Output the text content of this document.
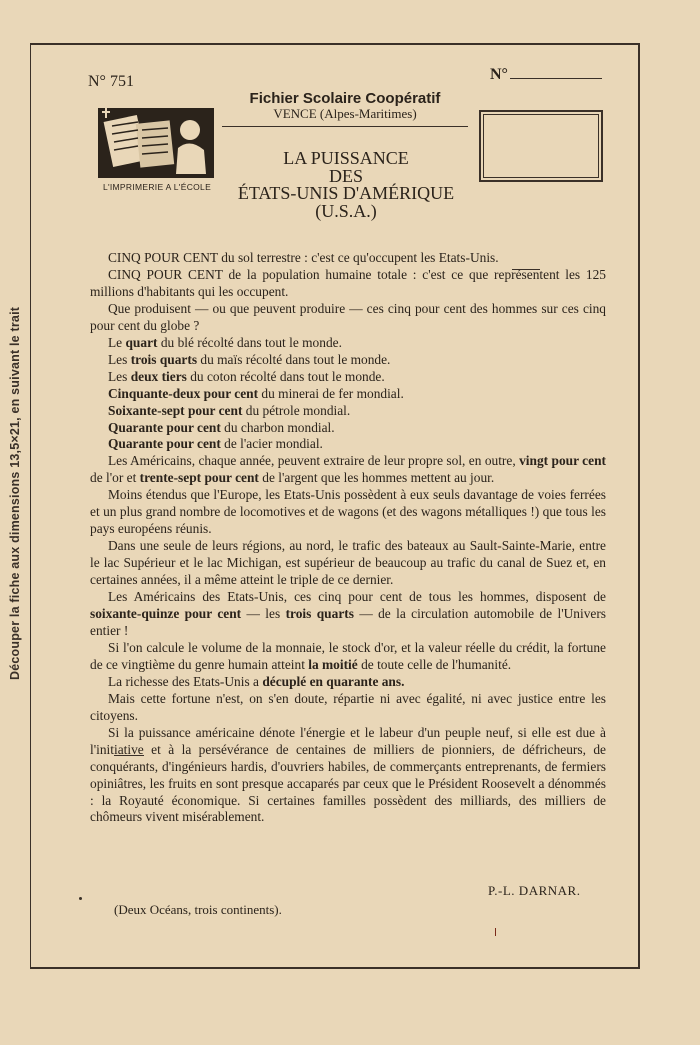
Découper la fiche aux dimensions 13,5×21, en suivant le trait
N° 751	N°
Fichier Scolaire Coopératif
VENCE (Alpes-Maritimes)
L'IMPRIMERIE A L'ÉCOLE
LA PUISSANCE
DES
ÉTATS-UNIS D'AMÉRIQUE
(U.S.A.)

CINQ POUR CENT du sol terrestre : c'est ce qu'occupent les Etats-Unis.

CINQ POUR CENT de la population humaine totale : c'est ce que représentent les 125 millions d'habitants qui les occupent.

Que produisent — ou que peuvent produire — ces cinq pour cent des hommes sur ces cinq pour cent du globe ?

Le quart du blé récolté dans tout le monde.

Les trois quarts du maïs récolté dans tout le monde.

Les deux tiers du coton récolté dans tout le monde.

Cinquante-deux pour cent du minerai de fer mondial.

Soixante-sept pour cent du pétrole mondial.

Quarante pour cent du charbon mondial.

Quarante pour cent de l'acier mondial.

Les Américains, chaque année, peuvent extraire de leur propre sol, en outre, vingt pour cent de l'or et trente-sept pour cent de l'argent que les hommes mettent au jour.

Moins étendus que l'Europe, les Etats-Unis possèdent à eux seuls davantage de voies ferrées et un plus grand nombre de locomotives et de wagons (et des wagons métalliques !) que tous les pays européens réunis.

Dans une seule de leurs régions, au nord, le trafic des bateaux au Sault-Sainte-Marie, entre le lac Supérieur et le lac Michigan, est supérieur de beaucoup au trafic du canal de Suez et, en certaines années, il a même atteint le triple de ce dernier.

Les Américains des Etats-Unis, ces cinq pour cent de tous les hommes, disposent de soixante-quinze pour cent — les trois quarts — de la circulation automobile de l'Univers entier !

Si l'on calcule le volume de la monnaie, le stock d'or, et la valeur réelle du crédit, la fortune de ce vingtième du genre humain atteint la moitié de toute celle de l'humanité.

La richesse des Etats-Unis a décuplé en quarante ans.

Mais cette fortune n'est, on s'en doute, répartie ni avec égalité, ni avec justice entre les citoyens.

Si la puissance américaine dénote l'énergie et le labeur d'un peuple neuf, si elle est due à l'initiative et à la persévérance de centaines de milliers de pionniers, de défricheurs, de conquérants, d'ingénieurs hardis, d'ouvriers habiles, de commerçants entreprenants, de fermiers opiniâtres, les fruits en sont presque accaparés par ceux que le Président Roosevelt a dénommés : la Royauté économique. Si certaines familles possèdent des milliards, des milliers de chômeurs vivent misérablement.

P.-L. DARNAR.
(Deux Océans, trois continents).
